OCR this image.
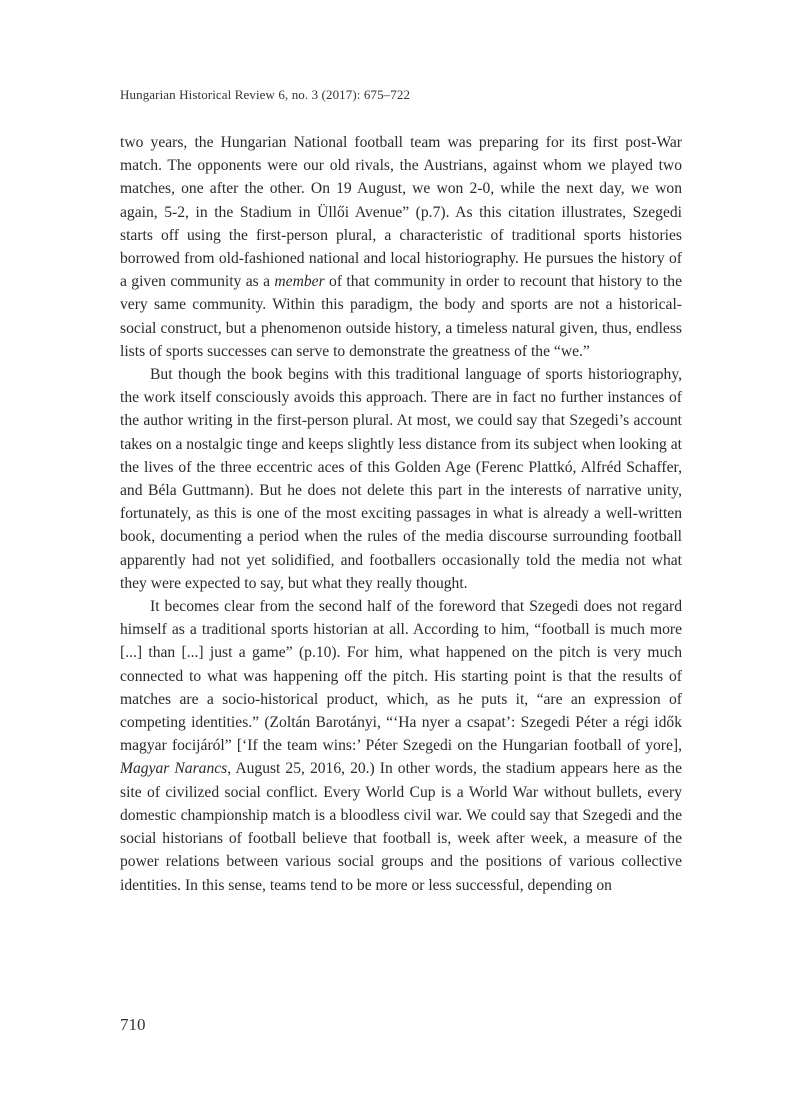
Hungarian Historical Review 6, no. 3 (2017): 675–722

two years, the Hungarian National football team was preparing for its first post-War match. The opponents were our old rivals, the Austrians, against whom we played two matches, one after the other. On 19 August, we won 2-0, while the next day, we won again, 5-2, in the Stadium in Üllői Avenue” (p.7). As this citation illustrates, Szegedi starts off using the first-person plural, a characteristic of traditional sports histories borrowed from old-fashioned national and local historiography. He pursues the history of a given community as a member of that community in order to recount that history to the very same community. Within this paradigm, the body and sports are not a historical-social construct, but a phenomenon outside history, a timeless natural given, thus, endless lists of sports successes can serve to demonstrate the greatness of the “we.”

But though the book begins with this traditional language of sports historiography, the work itself consciously avoids this approach. There are in fact no further instances of the author writing in the first-person plural. At most, we could say that Szegedi’s account takes on a nostalgic tinge and keeps slightly less distance from its subject when looking at the lives of the three eccentric aces of this Golden Age (Ferenc Plattkó, Alfréd Schaffer, and Béla Guttmann). But he does not delete this part in the interests of narrative unity, fortunately, as this is one of the most exciting passages in what is already a well-written book, documenting a period when the rules of the media discourse surrounding football apparently had not yet solidified, and footballers occasionally told the media not what they were expected to say, but what they really thought.

It becomes clear from the second half of the foreword that Szegedi does not regard himself as a traditional sports historian at all. According to him, “football is much more [...] than [...] just a game” (p.10). For him, what happened on the pitch is very much connected to what was happening off the pitch. His starting point is that the results of matches are a socio-historical product, which, as he puts it, “are an expression of competing identities.” (Zoltán Barotányi, “‘Ha nyer a csapat’: Szegedi Péter a régi idők magyar focijáról” [‘If the team wins:’ Péter Szegedi on the Hungarian football of yore], Magyar Narancs, August 25, 2016, 20.) In other words, the stadium appears here as the site of civilized social conflict. Every World Cup is a World War without bullets, every domestic championship match is a bloodless civil war. We could say that Szegedi and the social historians of football believe that football is, week after week, a measure of the power relations between various social groups and the positions of various collective identities. In this sense, teams tend to be more or less successful, depending on

710
